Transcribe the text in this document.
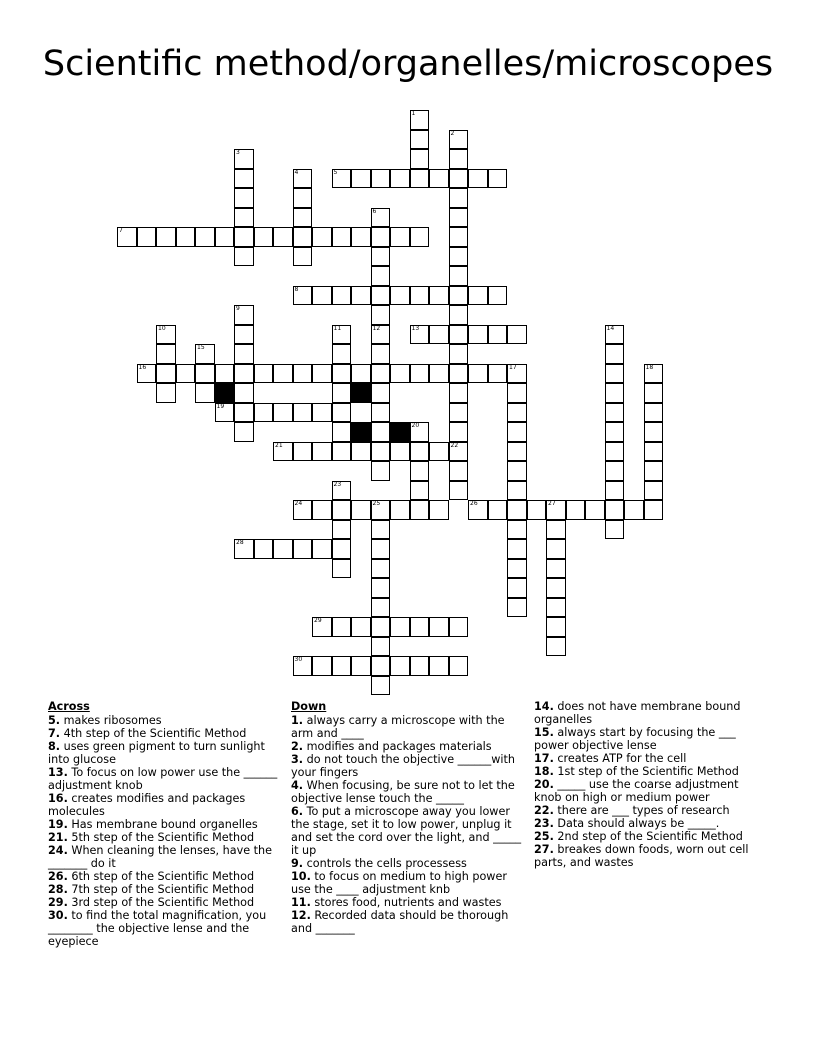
Scientific method/organelles/microscopes
5
7
8
13
16
19
21	22
24	25	26	27
28
29
30
1
2
3
4
6
12
9
10	11	14
15
17	18
20
23
Across
5. makes ribosomes
7. 4th step of the Scientific Method
8. uses green pigment to turn sunlight into glucose
13. To focus on low power use the ______ adjustment knob
16. creates modifies and packages molecules
19. Has membrane bound organelles
21. 5th step of the Scientific Method
24. When cleaning the lenses, have the _______ do it
26. 6th step of the Scientific Method
28. 7th step of the Scientific Method
29. 3rd step of the Scientific Method
30. to find the total magnification, you ________ the objective lense and the eyepiece
Down
1. always carry a microscope with the arm and ____
2. modifies and packages materials
3. do not touch the objective ______with your fingers
4. When focusing, be sure not to let the objective lense touch the _____
6. To put a microscope away you lower the stage, set it to low power, unplug it and set the cord over the light, and _____ it up
9. controls the cells processess
10. to focus on medium to high power use the ____ adjustment knb
11. stores food, nutrients and wastes
12. Recorded data should be thorough and _______
14. does not have membrane bound organelles
15. always start by focusing the ___ power objective lense
17. creates ATP for the cell
18. 1st step of the Scientific Method
20. _____ use the coarse adjustment knob on high or medium power
22. there are ___ types of research
23. Data should always be _____.
25. 2nd step of the Scientific Method
27. breakes down foods, worn out cell parts, and wastes
